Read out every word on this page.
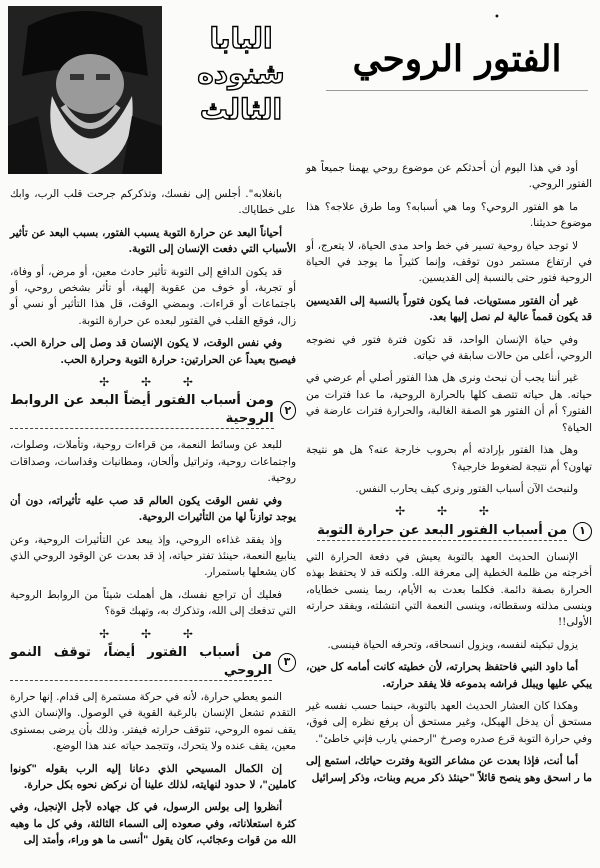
•
الفتور الروحي
البابا
شنوده
الثالث

أود في هذا اليوم أن أحدثكم عن موضوع روحي يهمنا جميعاً هو الفتور الروحي.

ما هو الفتور الروحي؟ وما هي أسبابه؟ وما طرق علاجه؟ هذا موضوع حديثنا.

لا توجد حياة روحية تسير في خط واحد مدى الحياة، لا يتعرج، أو في ارتفاع مستمر دون توقف، وإنما كثيراً ما يوجد في الحياة الروحية فتور حتى بالنسبة إلى القديسين.

غير أن الفتور مستويات. فما يكون فتوراً بالنسبة إلى القديسين قد يكون قمماً عالية لم نصل إليها بعد.

وفي حياة الإنسان الواحد، قد تكون فترة فتور في نضوجه الروحي، أعلى من حالات سابقة في حياته.

غير أننا يجب أن نبحث ونرى هل هذا الفتور أصلي أم عرضي في حياته. هل حياته تتصف كلها بالحرارة الروحية، ما عدا فترات من الفتور؟ أم أن الفتور هو الصفة الغالبة، والحرارة فترات عارضة في الحياة؟

وهل هذا الفتور بإرادته أم بحروب خارجة عنه؟ هل هو نتيجة تهاون؟ أم نتيجة لضغوط خارجية؟

ولنبحث الآن أسباب الفتور ونرى كيف يحارب النفس.

✢ ✢ ✢
١
من أسباب الفتور البعد عن حرارة التوبة

الإنسان الحديث العهد بالتوبة يعيش في دفعة الحرارة التي أخرجته من ظلمة الخطية إلى معرفة الله. ولكنه قد لا يحتفظ بهذه الحرارة بصفة دائمة. فكلما بعدت به الأيام، ربما ينسى خطاياه، وينسى مذلته وسقطاته، وينسى النعمة التي انتشلته، ويفقد حرارته الأولى!!

يزول تبكيته لنفسه، ويزول انسحاقه، وتحرفه الحياة فينسى.

أما داود النبي فاحتفظ بحرارته، لأن خطيته كانت أمامه كل حين، يبكي عليها ويبلل فراشه بدموعه فلا يفقد حرارته.

وهكذا كان العشار الحديث العهد بالتوبة، حينما حسب نفسه غير مستحق أن يدخل الهيكل، وغير مستحق أن يرفع نظره إلى فوق، وفي حرارة التوبة قرع صدره وصرخ "ارحمني يارب فإني خاطئ".

أما أنت، فإذا بعدت عن مشاعر التوبة وفترت حياتك، استمع إلى ما ر اسحق وهو ينصح قائلاً "حينئذ ذكر مريم وبنات، وذكر إسرائيل

بانغلابه". أجلس إلى نفسك، وتذكركم جرحت قلب الرب، وابك على خطاياك.

أحياناً البعد عن حرارة التوبة يسبب الفتور، بسبب البعد عن تأثير الأسباب التي دفعت الإنسان إلى التوبة.

قد يكون الدافع إلى التوبة تأثير حادث معين، أو مرض، أو وفاة، أو تجربة، أو خوف من عقوبة إلهية، أو تأثر بشخص روحي، أو باجتماعات أو قراءات. وبمضي الوقت، قل هذا التأثير أو نسي أو زال، فوقع القلب في الفتور لبعده عن حرارة التوبة.

وفي نفس الوقت، لا يكون الإنسان قد وصل إلى حرارة الحب. فيصبح بعيداً عن الحرارتين: حرارة التوبة وحرارة الحب.

✢ ✢ ✢
٢
ومن أسباب الفتور أيضاً البعد عن الروابط الروحية

للبعد عن وسائط النعمة، من قراءات روحية، وتأملات، وصلوات، واجتماعات روحية، وتراتيل وألحان، ومطانيات وقداسات، وصداقات روحية.

وفي نفس الوقت يكون العالم قد صب عليه تأثيراته، دون أن يوجد توازناً لها من التأثيرات الروحية.

وإذ يفقد غذاءه الروحي، وإذ يبعد عن التأثيرات الروحية، وعن ينابيع النعمة، حينئذ تفتر حياته، إذ قد بعدت عن الوقود الروحي الذي كان يشعلها باستمرار.

فعليك أن تراجع نفسك، هل أهملت شيئاً من الروابط الروحية التي تدفعك إلى الله، وتذكرك به، وتهبك قوة؟

✢ ✢ ✢
٣
من أسباب الفتور أيضاً، توقف النمو الروحي

النمو يعطي حرارة، لأنه في حركة مستمرة إلى قدام. إنها حرارة التقدم تشعل الإنسان بالرغبة القوية في الوصول. والإنسان الذي يقف نموه الروحي، تتوقف حرارته فيفتر. وذلك بأن يرضى بمستوى معين، يقف عنده ولا يتحرك، وتتجمد حياته عند هذا الوضع.

إن الكمال المسيحي الذي دعانا إليه الرب بقوله "كونوا كاملين"، لا حدود لنهايته، لذلك علينا أن نركض نحوه بكل حرارة.

أنظروا إلى بولس الرسول، في كل جهاده لأجل الإنجيل، وفي كثرة استعلاناته، وفي صعوده إلى السماء الثالثة، وفي كل ما وهبه الله من قوات وعجائب، كان يقول "أنسى ما هو وراء، وأمتد إلى
